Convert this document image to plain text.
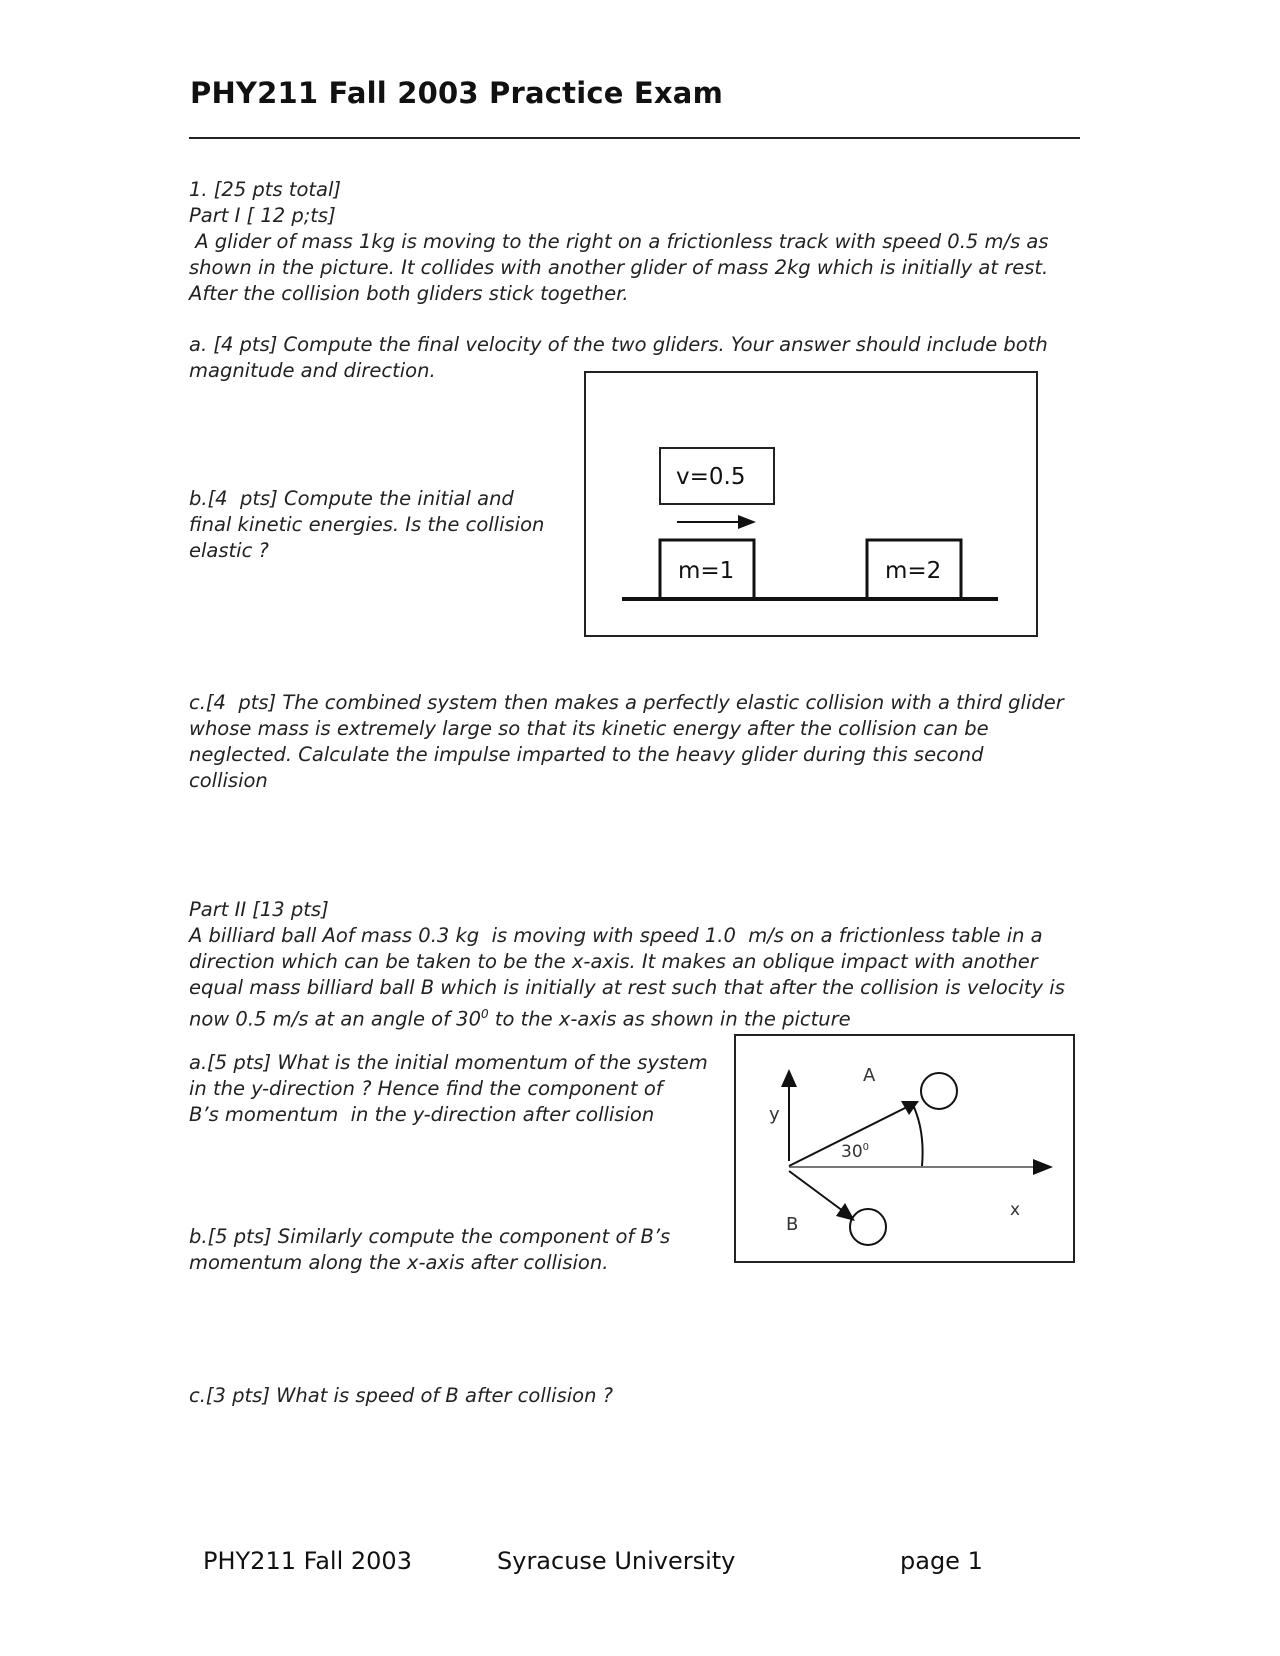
PHY211 Fall 2003 Practice Exam
1. [25 pts total]
Part I [ 12 p;ts]
A glider of mass 1kg is moving to the right on a frictionless track with speed 0.5 m/s as
shown in the picture. It collides with another glider of mass 2kg which is initially at rest.
After the collision both gliders stick together.
a. [4 pts] Compute the final velocity of the two gliders. Your answer should include both
magnitude and direction.
b.[4  pts] Compute the initial and
final kinetic energies. Is the collision
elastic ?
v=0.5
m=1	m=2
c.[4  pts] The combined system then makes a perfectly elastic collision with a third glider
whose mass is extremely large so that its kinetic energy after the collision can be
neglected. Calculate the impulse imparted to the heavy glider during this second
collision
Part II [13 pts]
A billiard ball Aof mass 0.3 kg  is moving with speed 1.0  m/s on a frictionless table in a
direction which can be taken to be the x-axis. It makes an oblique impact with another
equal mass billiard ball B which is initially at rest such that after the collision is velocity is
now 0.5 m/s at an angle of $30^0$ to the x-axis as shown in the picture
a.[5 pts] What is the initial momentum of the system
in the y-direction ? Hence find the component of
B’s momentum  in the y-direction after collision	y
x
A
$30^0$
B
b.[5 pts] Similarly compute the component of B’s
momentum along the x-axis after collision.
c.[3 pts] What is speed of B after collision ?
PHY211 Fall 2003	Syracuse University	page 1
